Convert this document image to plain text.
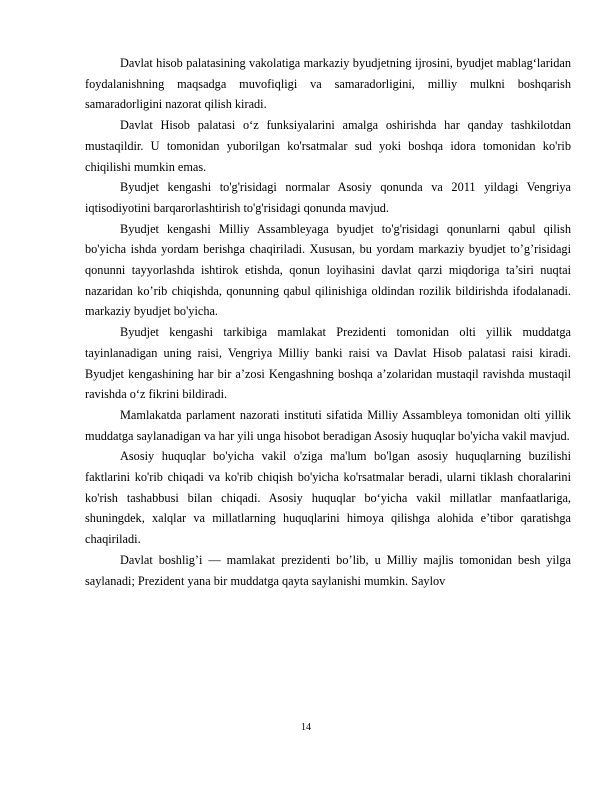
Davlat hisob palatasining vakolatiga markaziy byudjetning ijrosini, byudjet mablag‘laridan foydalanishning maqsadga muvofiqligi va samaradorligini, milliy mulkni boshqarish samaradorligini nazorat qilish kiradi.

Davlat Hisob palatasi o‘z funksiyalarini amalga oshirishda har qanday tashkilotdan mustaqildir. U tomonidan yuborilgan ko'rsatmalar sud yoki boshqa idora tomonidan ko'rib chiqilishi mumkin emas.

Byudjet kengashi to'g'risidagi normalar Asosiy qonunda va 2011 yildagi Vengriya iqtisodiyotini barqarorlashtirish to'g'risidagi qonunda mavjud.

Byudjet kengashi Milliy Assambleyaga byudjet to'g'risidagi qonunlarni qabul qilish bo'yicha ishda yordam berishga chaqiriladi. Xususan, bu yordam markaziy byudjet to’g’risidagi qonunni tayyorlashda ishtirok etishda, qonun loyihasini davlat qarzi miqdoriga ta’siri nuqtai nazaridan ko’rib chiqishda, qonunning qabul qilinishiga oldindan rozilik bildirishda ifodalanadi. markaziy byudjet bo'yicha.

Byudjet kengashi tarkibiga mamlakat Prezidenti tomonidan olti yillik muddatga tayinlanadigan uning raisi, Vengriya Milliy banki raisi va Davlat Hisob palatasi raisi kiradi. Byudjet kengashining har bir a’zosi Kengashning boshqa a’zolaridan mustaqil ravishda mustaqil ravishda o‘z fikrini bildiradi.

Mamlakatda parlament nazorati instituti sifatida Milliy Assambleya tomonidan olti yillik muddatga saylanadigan va har yili unga hisobot beradigan Asosiy huquqlar bo'yicha vakil mavjud.

Asosiy huquqlar bo'yicha vakil o'ziga ma'lum bo'lgan asosiy huquqlarning buzilishi faktlarini ko'rib chiqadi va ko'rib chiqish bo'yicha ko'rsatmalar beradi, ularni tiklash choralarini ko'rish tashabbusi bilan chiqadi. Asosiy huquqlar bo‘yicha vakil millatlar manfaatlariga, shuningdek, xalqlar va millatlarning huquqlarini himoya qilishga alohida e’tibor qaratishga chaqiriladi.

Davlat boshlig’i — mamlakat prezidenti bo’lib, u Milliy majlis tomonidan besh yilga saylanadi; Prezident yana bir muddatga qayta saylanishi mumkin. Saylov

14
